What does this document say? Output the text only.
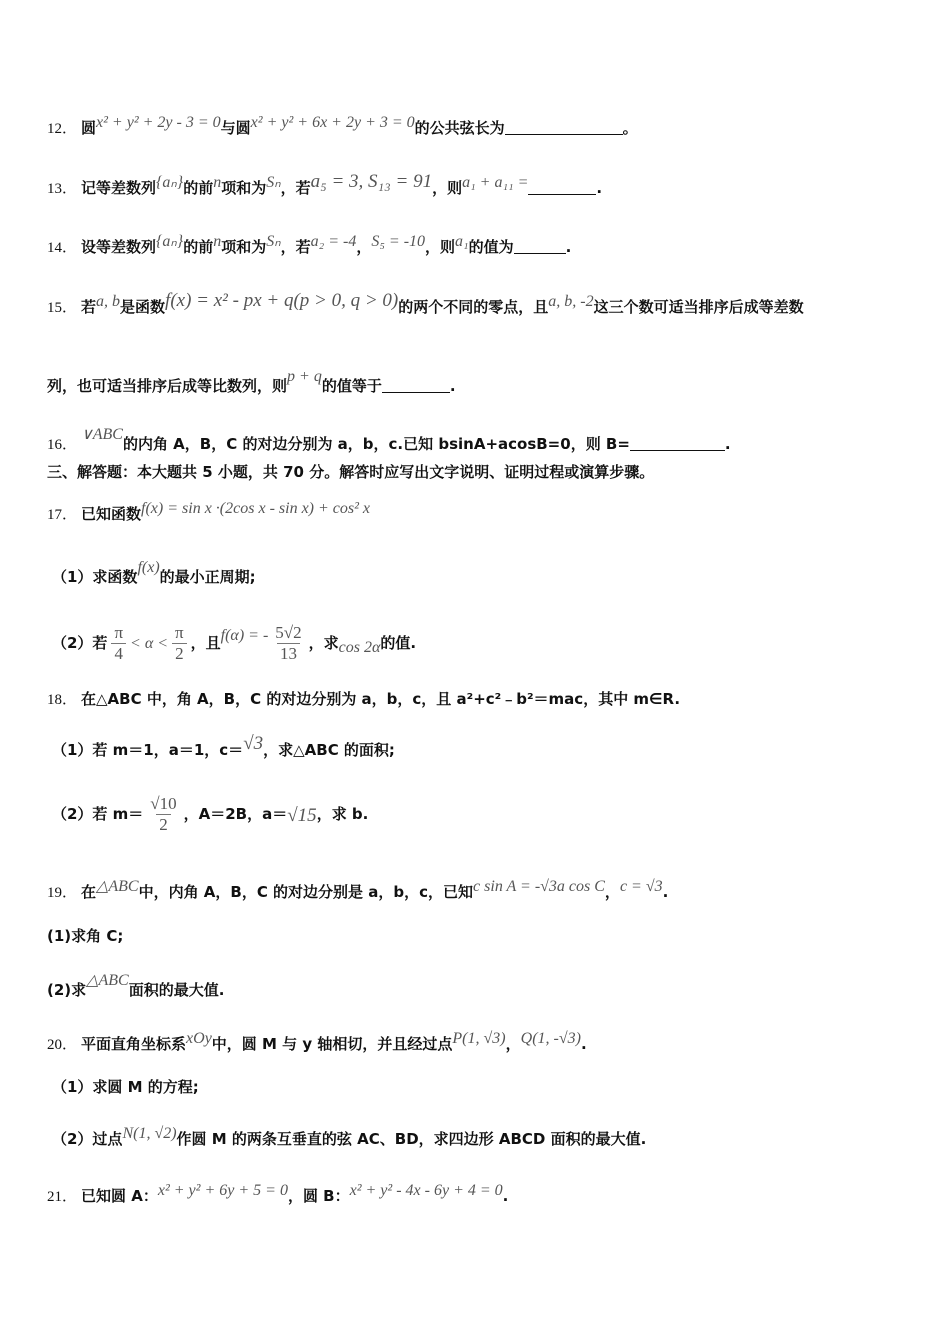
12． 圆x² + y² + 2y - 3 = 0与圆x² + y² + 6x + 2y + 3 = 0的公共弦长为	。
13． 记等差数列{aₙ}的前n项和为Sₙ，若a₅ = 3, S₁₃ = 91，则a₁ + a₁₁ =	.
14． 设等差数列{aₙ}的前n项和为Sₙ，若a₂ = -4，S₅ = -10，则a₁的值为	.
15． 若a, b是函数f(x) = x² - px + q(p > 0, q > 0)的两个不同的零点，且a, b, -2这三个数可适当排序后成等差数
列，也可适当排序后成等比数列，则p + q的值等于	.
16．∨ABC的内角 A，B，C 的对边分别为 a，b，c.已知 bsinA+acosB=0，则 B=	.
三、解答题：本大题共 5 小题，共 70 分。解答时应写出文字说明、证明过程或演算步骤。
17． 已知函数f(x) = sin x ·(2cos x - sin x) + cos² x
（1）求函数f(x)的最小正周期;
（2）若 $\frac{\pi}{4} < \alpha < \frac{\pi}{2}$ ，且f(α) = - $\frac{5√2}{13}$ ，求cos 2α的值.
18． 在△ABC 中，角 A，B，C 的对边分别为 a，b，c，且 a²+c²﹣b²＝mac，其中 m∈R.
（1）若 m＝1，a＝1，c＝√3，求△ABC 的面积;
（2）若 $m= \frac{√10}{2}$ ，A＝2B，a＝√15，求 b.
19． 在△ABC中，内角 A，B，C 的对边分别是 a，b，c，已知c sin A = -√3a cos C，c = √3.
(1)求角 C;
(2)求△ABC面积的最大值.
20． 平面直角坐标系xOy中，圆 M 与 y 轴相切，并且经过点P(1, √3)，Q(1, -√3).
（1）求圆 M 的方程;
（2）过点N(1, √2)作圆 M 的两条互垂直的弦 AC、BD，求四边形 ABCD 面积的最大值.
21． 已知圆 A：x² + y² + 6y + 5 = 0，圆 B：x² + y² - 4x - 6y + 4 = 0.
